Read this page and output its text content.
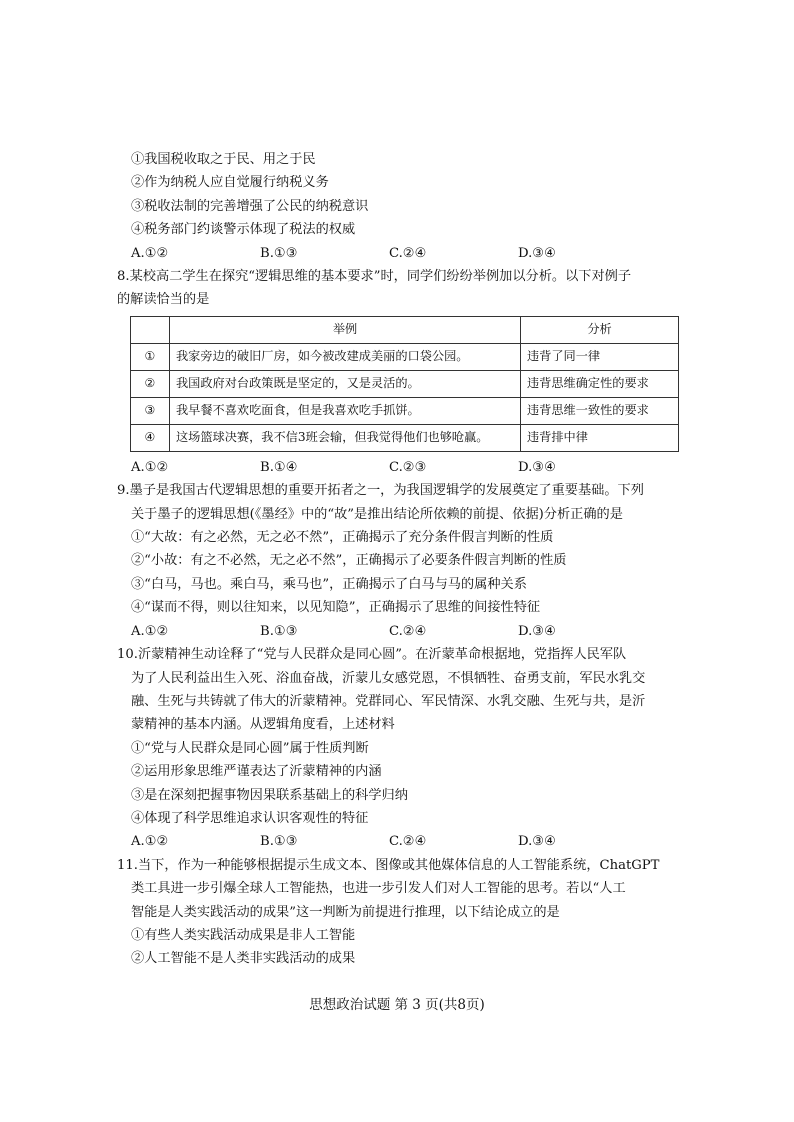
①我国税收取之于民、用之于民
②作为纳税人应自觉履行纳税义务
③税收法制的完善增强了公民的纳税意识
④税务部门约谈警示体现了税法的权威
A.①②	B.①③	C.②④	D.③④
8.某校高二学生在探究“逻辑思维的基本要求”时，同学们纷纷举例加以分析。以下对例子
的解读恰当的是
	举例	分析
①	我家旁边的破旧厂房，如今被改建成美丽的口袋公园。	违背了同一律
②	我国政府对台政策既是坚定的，又是灵活的。	违背思维确定性的要求
③	我早餐不喜欢吃面食，但是我喜欢吃手抓饼。	违背思维一致性的要求
④	这场篮球决赛，我不信3班会输，但我觉得他们也够呛赢。	违背排中律
A.①②	B.①④	C.②③	D.③④
9.墨子是我国古代逻辑思想的重要开拓者之一，为我国逻辑学的发展奠定了重要基础。下列
关于墨子的逻辑思想(《墨经》中的“故”是推出结论所依赖的前提、依据)分析正确的是
①“大故：有之必然，无之必不然”，正确揭示了充分条件假言判断的性质
②“小故：有之不必然，无之必不然”，正确揭示了必要条件假言判断的性质
③“白马，马也。乘白马，乘马也”，正确揭示了白马与马的属种关系
④“谋而不得，则以往知来，以见知隐”，正确揭示了思维的间接性特征
A.①②	B.①③	C.②④	D.③④
10.沂蒙精神生动诠释了“党与人民群众是同心圆”。在沂蒙革命根据地，党指挥人民军队
为了人民利益出生入死、浴血奋战，沂蒙儿女感党恩，不惧牺牲、奋勇支前，军民水乳交
融、生死与共铸就了伟大的沂蒙精神。党群同心、军民情深、水乳交融、生死与共，是沂
蒙精神的基本内涵。从逻辑角度看，上述材料
①“党与人民群众是同心圆”属于性质判断
②运用形象思维严谨表达了沂蒙精神的内涵
③是在深刻把握事物因果联系基础上的科学归纳
④体现了科学思维追求认识客观性的特征
A.①②	B.①③	C.②④	D.③④
11.当下，作为一种能够根据提示生成文本、图像或其他媒体信息的人工智能系统，ChatGPT
类工具进一步引爆全球人工智能热，也进一步引发人们对人工智能的思考。若以“人工
智能是人类实践活动的成果”这一判断为前提进行推理，以下结论成立的是
①有些人类实践活动成果是非人工智能
②人工智能不是人类非实践活动的成果
思想政治试题 第 3 页(共8页)
